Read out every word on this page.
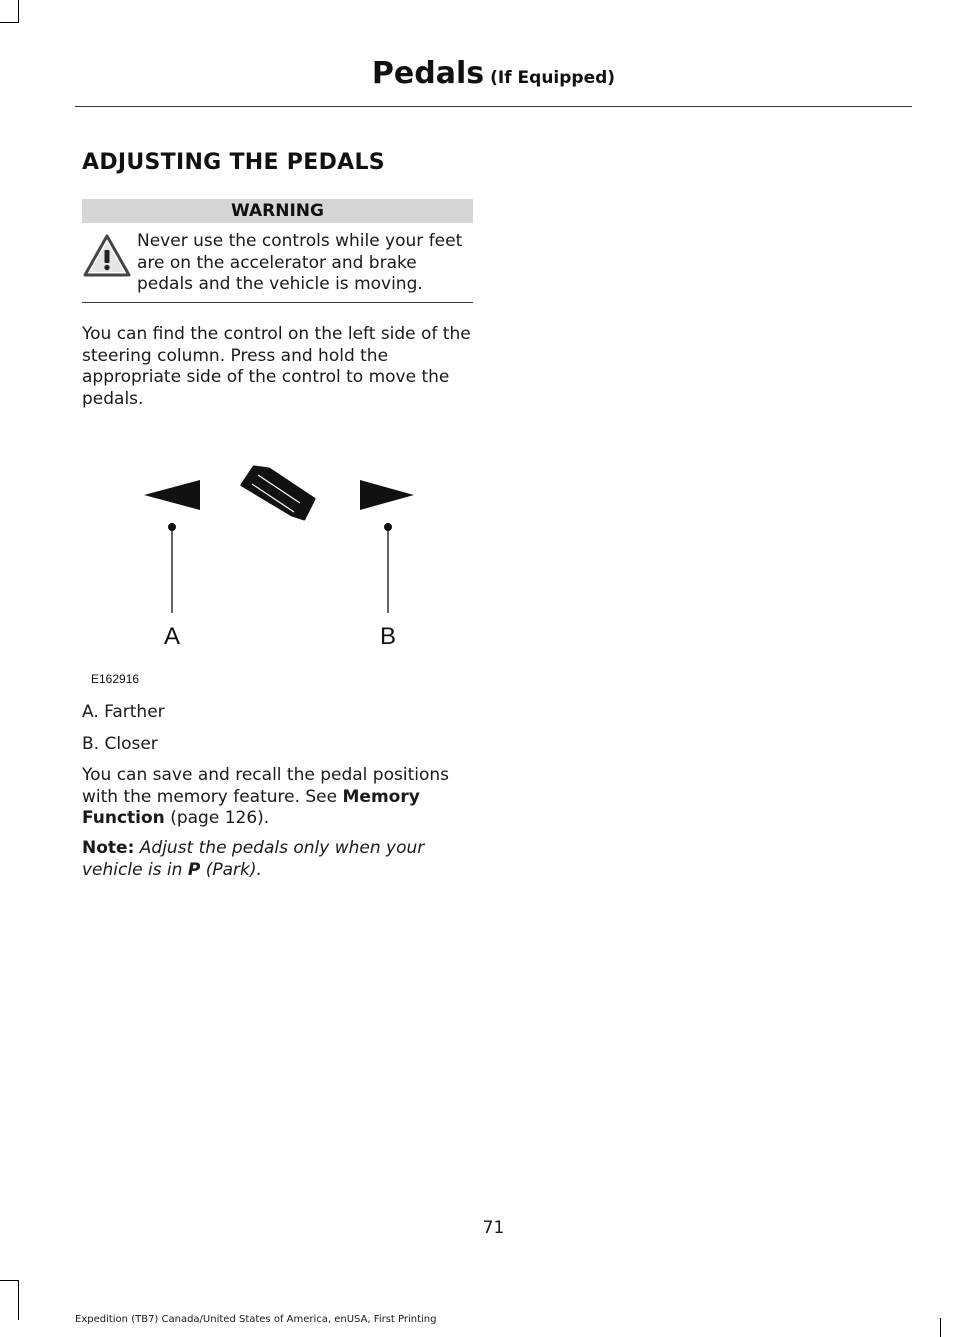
Pedals (If Equipped)
ADJUSTING THE PEDALS
WARNING
Never use the controls while your feet are on the accelerator and brake pedals and the vehicle is moving.
You can find the control on the left side of the steering column. Press and hold the appropriate side of the control to move the pedals.
A	B
E162916
A. Farther
B. Closer
You can save and recall the pedal positions with the memory feature. See Memory Function (page 126).
Note: Adjust the pedals only when your vehicle is in P (Park).
71
Expedition (TB7) Canada/United States of America, enUSA, First Printing
